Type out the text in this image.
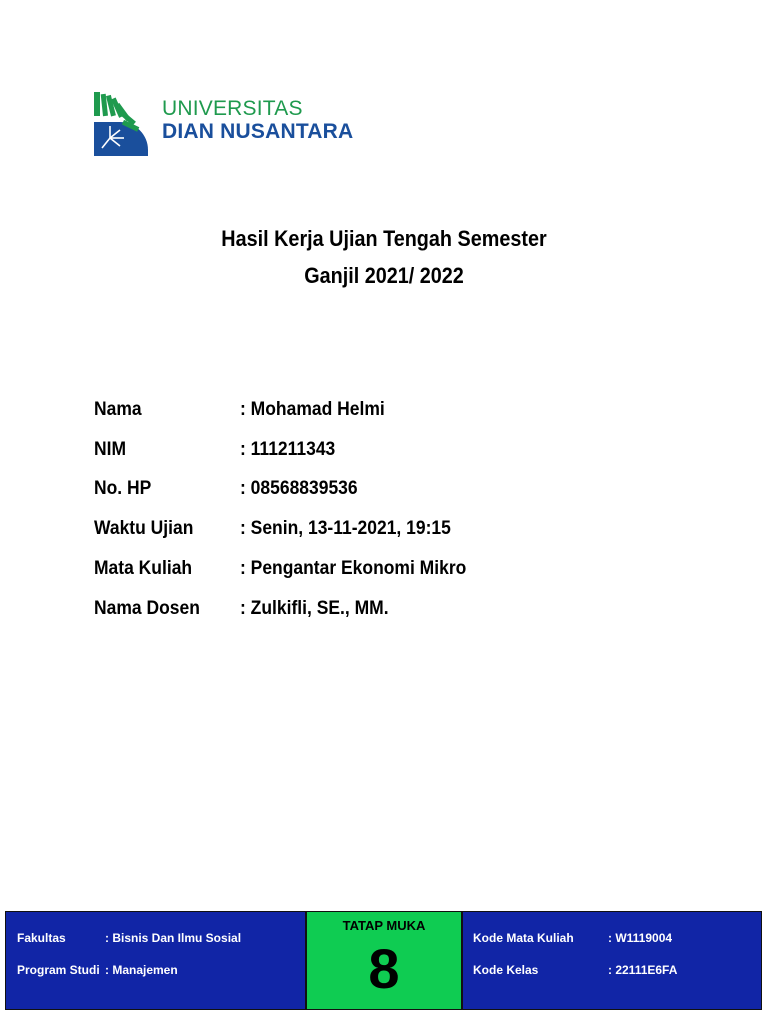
UNIVERSITAS
DIAN NUSANTARA
Hasil Kerja Ujian Tengah Semester
Ganjil 2021/ 2022
Nama	: Mohamad Helmi
NIM	: 111211343
No. HP	: 08568839536
Waktu Ujian	: Senin, 13-11-2021, 19:15
Mata Kuliah	: Pengantar Ekonomi Mikro
Nama Dosen	: Zulkifli, SE., MM.
Fakultas	: Bisnis Dan Ilmu Sosial
Program Studi : Manajemen
TATAP MUKA
8	Kode Mata Kuliah	: W1119004
Kode Kelas	: 22111E6FA
